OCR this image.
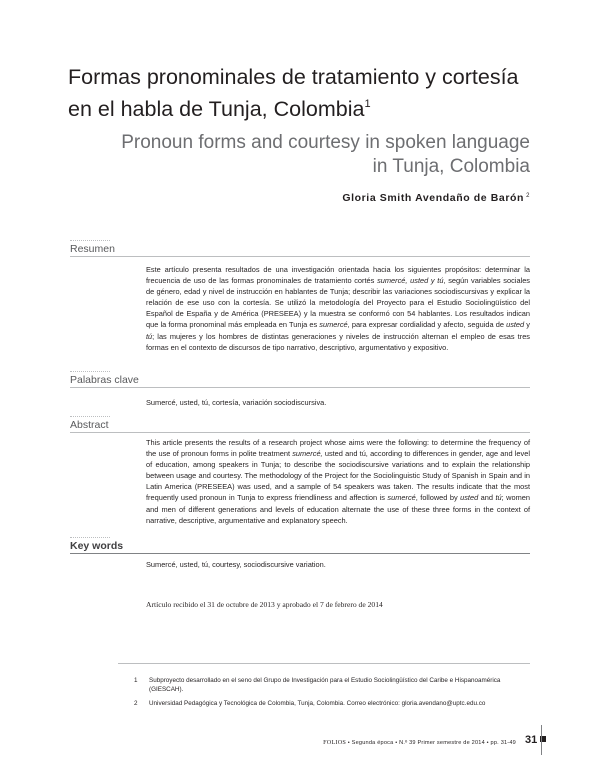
Formas pronominales de tratamiento y cortesía en el habla de Tunja, Colombia$^1$
Pronoun forms and courtesy in spoken language in Tunja, Colombia
Gloria Smith Avendaño de Barón $^2$
Resumen
Este artículo presenta resultados de una investigación orientada hacia los siguientes propósitos: determinar la frecuencia de uso de las formas pronominales de tratamiento cortés sumercé, usted y tú, según variables sociales de género, edad y nivel de instrucción en hablantes de Tunja; describir las variaciones sociodiscursivas y explicar la relación de ese uso con la cortesía. Se utilizó la metodología del Proyecto para el Estudio Sociolingüístico del Español de España y de América (PRESEEA) y la muestra se conformó con 54 hablantes. Los resultados indican que la forma pronominal más empleada en Tunja es sumercé, para expresar cordialidad y afecto, seguida de usted y tú; las mujeres y los hombres de distintas generaciones y niveles de instrucción alternan el empleo de esas tres formas en el contexto de discursos de tipo narrativo, descriptivo, argumentativo y expositivo.
Palabras clave
Sumercé, usted, tú, cortesía, variación sociodiscursiva.
Abstract
This article presents the results of a research project whose aims were the following: to determine the frequency of the use of pronoun forms in polite treatment sumercé, usted and tú, according to differences in gender, age and level of education, among speakers in Tunja; to describe the sociodiscursive variations and to explain the relationship between usage and courtesy. The methodology of the Project for the Sociolinguistic Study of Spanish in Spain and in Latin America (PRESEEA) was used, and a sample of 54 speakers was taken. The results indicate that the most frequently used pronoun in Tunja to express friendliness and affection is sumercé, followed by usted and tú; women and men of different generations and levels of education alternate the use of these three forms in the context of narrative, descriptive, argumentative and explanatory speech.
Key words
Sumercé, usted, tú, courtesy, sociodiscursive variation.
Artículo recibido el 31 de octubre de 2013 y aprobado el 7 de febrero de 2014
1 Subproyecto desarrollado en el seno del Grupo de Investigación para el Estudio Sociolingüístico del Caribe e Hispanoamérica (GIESCAH).
2 Universidad Pedagógica y Tecnológica de Colombia, Tunja, Colombia. Correo electrónico: gloria.avendano@uptc.edu.co
FOLIOS • Segunda época • N.º 39 Primer semestre de 2014 • pp. 31-49 31
